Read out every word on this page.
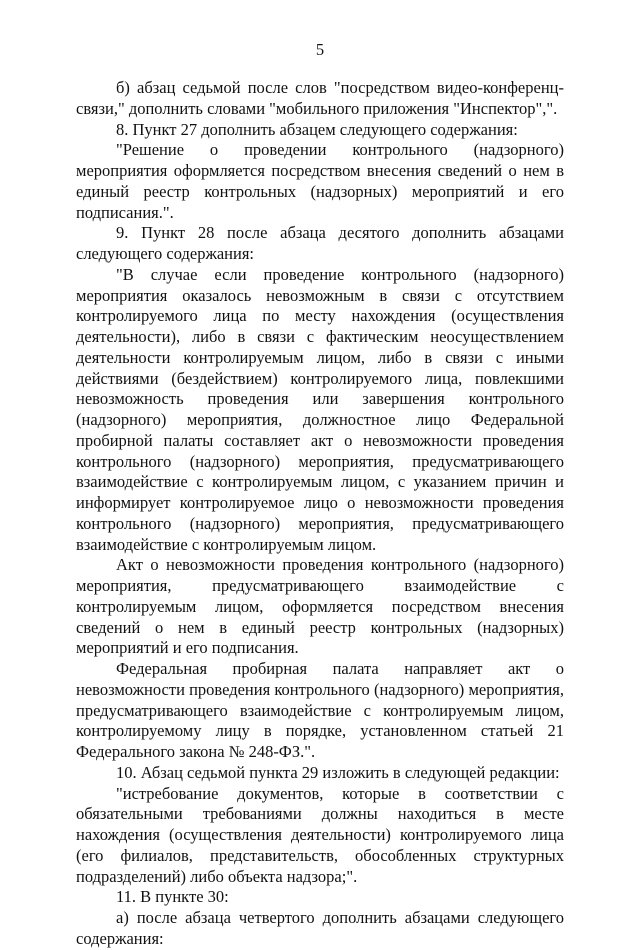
5

б) абзац седьмой после слов "посредством видео-конференц-связи," дополнить словами "мобильного приложения "Инспектор",".

8. Пункт 27 дополнить абзацем следующего содержания:

"Решение о проведении контрольного (надзорного) мероприятия оформляется посредством внесения сведений о нем в единый реестр контрольных (надзорных) мероприятий и его подписания.".

9. Пункт 28 после абзаца десятого дополнить абзацами следующего содержания:

"В случае если проведение контрольного (надзорного) мероприятия оказалось невозможным в связи с отсутствием контролируемого лица по месту нахождения (осуществления деятельности), либо в связи с фактическим неосуществлением деятельности контролируемым лицом, либо в связи с иными действиями (бездействием) контролируемого лица, повлекшими невозможность проведения или завершения контрольного (надзорного) мероприятия, должностное лицо Федеральной пробирной палаты составляет акт о невозможности проведения контрольного (надзорного) мероприятия, предусматривающего взаимодействие с контролируемым лицом, с указанием причин и информирует контролируемое лицо о невозможности проведения контрольного (надзорного) мероприятия, предусматривающего взаимодействие с контролируемым лицом.

Акт о невозможности проведения контрольного (надзорного) мероприятия, предусматривающего взаимодействие с контролируемым лицом, оформляется посредством внесения сведений о нем в единый реестр контрольных (надзорных) мероприятий и его подписания.

Федеральная пробирная палата направляет акт о невозможности проведения контрольного (надзорного) мероприятия, предусматривающего взаимодействие с контролируемым лицом, контролируемому лицу в порядке, установленном статьей 21 Федерального закона № 248-ФЗ.".

10. Абзац седьмой пункта 29 изложить в следующей редакции:

"истребование документов, которые в соответствии с обязательными требованиями должны находиться в месте нахождения (осуществления деятельности) контролируемого лица (его филиалов, представительств, обособленных структурных подразделений) либо объекта надзора;".

11. В пункте 30:

а) после абзаца четвертого дополнить абзацами следующего содержания:
